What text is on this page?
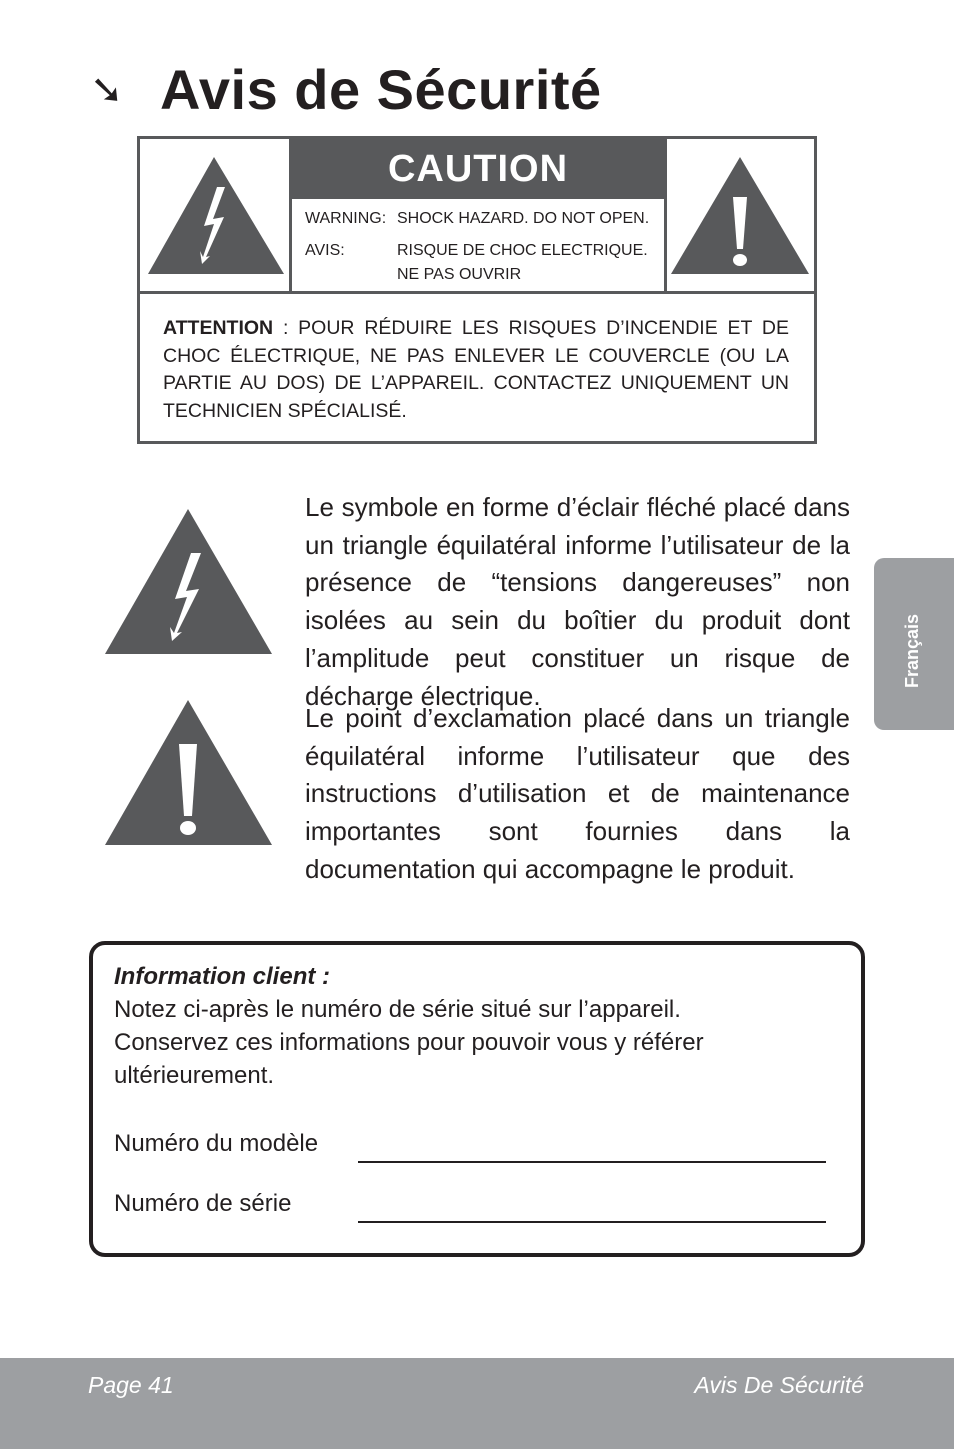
➘ Avis de Sécurité
CAUTION
WARNING: SHOCK HAZARD. DO NOT OPEN.
AVIS:	RISQUE DE CHOC ELECTRIQUE.
NE PAS OUVRIR
ATTENTION : POUR RÉDUIRE LES RISQUES D’INCENDIE ET DE CHOC ÉLECTRIQUE, NE PAS ENLEVER LE COUVERCLE (OU LA PARTIE AU DOS) DE L’APPAREIL. CONTACTEZ UNIQUEMENT UN TECHNICIEN SPÉCIALISÉ.
Le symbole en forme d’éclair fléché placé dans un triangle équilatéral informe l’utilisateur de la présence de “tensions dangereuses” non isolées au sein du boîtier du produit dont l’amplitude peut constituer un risque de décharge électrique.
Le point d’exclamation placé dans un triangle équilatéral informe l’utilisateur que des instructions d’utilisation et de maintenance importantes sont fournies dans la documentation qui accompagne le produit.
Français
Information client :
Notez ci-après le numéro de série situé sur l’appareil.
Conservez ces informations pour pouvoir vous y référer
ultérieurement.
Numéro du modèle
Numéro de série
Page 41	Avis De Sécurité
